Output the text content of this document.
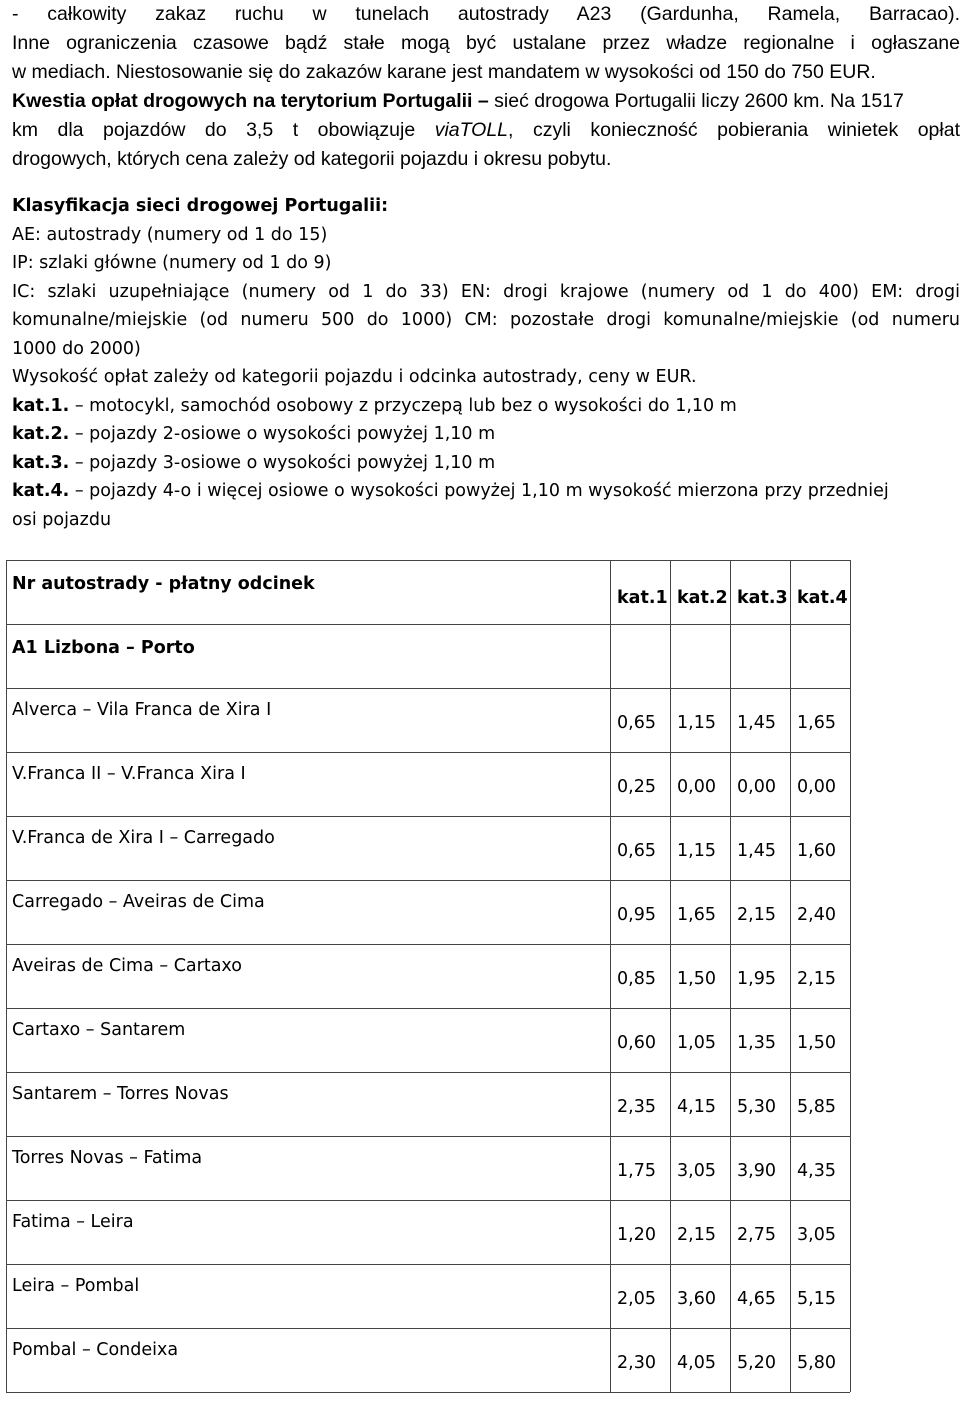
- całkowity zakaz ruchu w tunelach autostrady A23 (Gardunha, Ramela, Barracao).
Inne ograniczenia czasowe bądź stałe mogą być ustalane przez władze regionalne i ogłaszane
w mediach. Niestosowanie się do zakazów karane jest mandatem w wysokości od 150 do 750 EUR.
Kwestia opłat drogowych na terytorium Portugalii – sieć drogowa Portugalii liczy 2600 km. Na 1517
km dla pojazdów do 3,5 t obowiązuje viaTOLL, czyli konieczność pobierania winietek opłat
drogowych, których cena zależy od kategorii pojazdu i okresu pobytu.
Klasyfikacja sieci drogowej Portugalii:
AE: autostrady (numery od 1 do 15)
IP: szlaki główne (numery od 1 do 9)
IC: szlaki uzupełniające (numery od 1 do 33) EN: drogi krajowe (numery od 1 do 400) EM: drogi
komunalne/miejskie (od numeru 500 do 1000) CM: pozostałe drogi komunalne/miejskie (od numeru
1000 do 2000)
Wysokość opłat zależy od kategorii pojazdu i odcinka autostrady, ceny w EUR.
kat.1. – motocykl, samochód osobowy z przyczepą lub bez o wysokości do 1,10 m
kat.2. – pojazdy 2-osiowe o wysokości powyżej 1,10 m
kat.3. – pojazdy 3-osiowe o wysokości powyżej 1,10 m
kat.4. – pojazdy 4-o i więcej osiowe o wysokości powyżej 1,10 m wysokość mierzona przy przedniej
osi pojazdu
Nr autostrady - płatny odcinek
kat.1 kat.2 kat.3 kat.4
A1 Lizbona – Porto
Alverca – Vila Franca de Xira I
0,65 1,15 1,45 1,65
V.Franca II – V.Franca Xira I
0,25 0,00 0,00 0,00
V.Franca de Xira I – Carregado
0,65 1,15 1,45 1,60
Carregado – Aveiras de Cima
0,95 1,65 2,15 2,40
Aveiras de Cima – Cartaxo
0,85 1,50 1,95 2,15
Cartaxo – Santarem
0,60 1,05 1,35 1,50
Santarem – Torres Novas
2,35 4,15 5,30 5,85
Torres Novas – Fatima
1,75 3,05 3,90 4,35
Fatima – Leira
1,20 2,15 2,75 3,05
Leira – Pombal
2,05 3,60 4,65 5,15
Pombal – Condeixa
2,30 4,05 5,20 5,80
